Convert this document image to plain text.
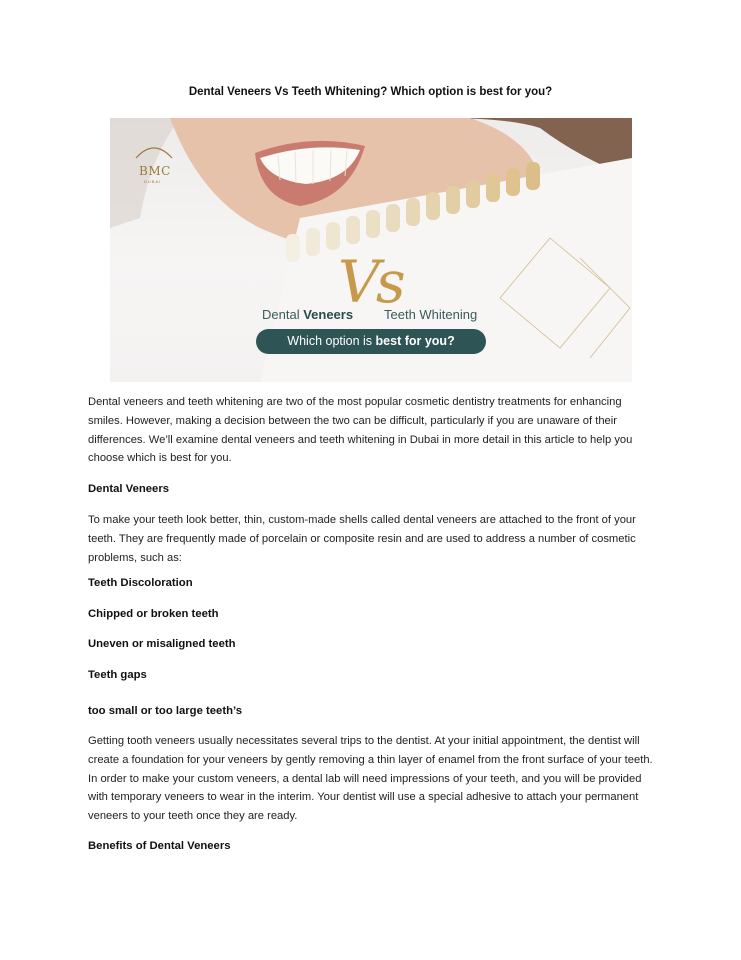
Dental Veneers Vs Teeth Whitening? Which option is best for you?
BMC
DUBAI
Vs
Dental Veneers Teeth Whitening
Which option is best for you?

Dental veneers and teeth whitening are two of the most popular cosmetic dentistry treatments for enhancing smiles. However, making a decision between the two can be difficult, particularly if you are unaware of their differences. We’ll examine dental veneers and teeth whitening in Dubai in more detail in this article to help you choose which is best for you.

Dental Veneers

To make your teeth look better, thin, custom-made shells called dental veneers are attached to the front of your teeth. They are frequently made of porcelain or composite resin and are used to address a number of cosmetic problems, such as:

Teeth Discoloration

Chipped or broken teeth

Uneven or misaligned teeth

Teeth gaps

too small or too large teeth’s

Getting tooth veneers usually necessitates several trips to the dentist. At your initial appointment, the dentist will create a foundation for your veneers by gently removing a thin layer of enamel from the front surface of your teeth. In order to make your custom veneers, a dental lab will need impressions of your teeth, and you will be provided with temporary veneers to wear in the interim. Your dentist will use a special adhesive to attach your permanent veneers to your teeth once they are ready.

Benefits of Dental Veneers
